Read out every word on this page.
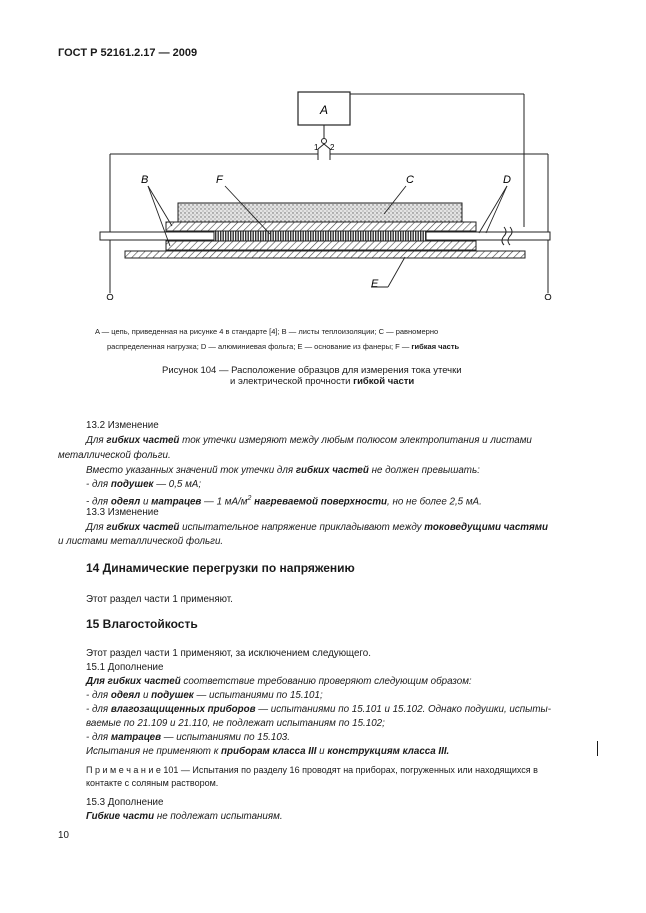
ГОСТ Р 52161.2.17 — 2009
A
1 2
B	F	C	D
E
A — цепь, приведенная на рисунке 4 в стандарте [4]; B — листы теплоизоляции; C — равномерно
распределенная нагрузка; D — алюминиевая фольга; E — основание из фанеры; F — гибкая часть
Рисунок 104 — Расположение образцов для измерения тока утечки
и электрической прочности гибкой части
13.2 Изменение
Для гибких частей ток утечки измеряют между любым полюсом электропитания и листами
металлической фольги.
Вместо указанных значений ток утечки для гибких частей не должен превышать:
- для подушек — 0,5 мА;
- для одеял и матрацев — 1 $мА/м^2$ нагреваемой поверхности, но не более 2,5 мА.
13.3 Изменение
Для гибких частей испытательное напряжение прикладывают между токоведущими частями
и листами металлической фольги.
14 Динамические перегрузки по напряжению
Этот раздел части 1 применяют.
15 Влагостойкость
Этот раздел части 1 применяют, за исключением следующего.
15.1 Дополнение
Для гибких частей соответствие требованию проверяют следующим образом:
- для одеял и подушек — испытаниями по 15.101;
- для влагозащищенных приборов — испытаниями по 15.101 и 15.102. Однако подушки, испыты-
ваемые по 21.109 и 21.110, не подлежат испытаниям по 15.102;
- для матрацев — испытаниями по 15.103.
Испытания не применяют к приборам класса III и конструкциям класса III.
П р и м е ч а н и е 101 — Испытания по разделу 16 проводят на приборах, погруженных или находящихся в
контакте с соляным раствором.
15.3 Дополнение
Гибкие части не подлежат испытаниям.
10
